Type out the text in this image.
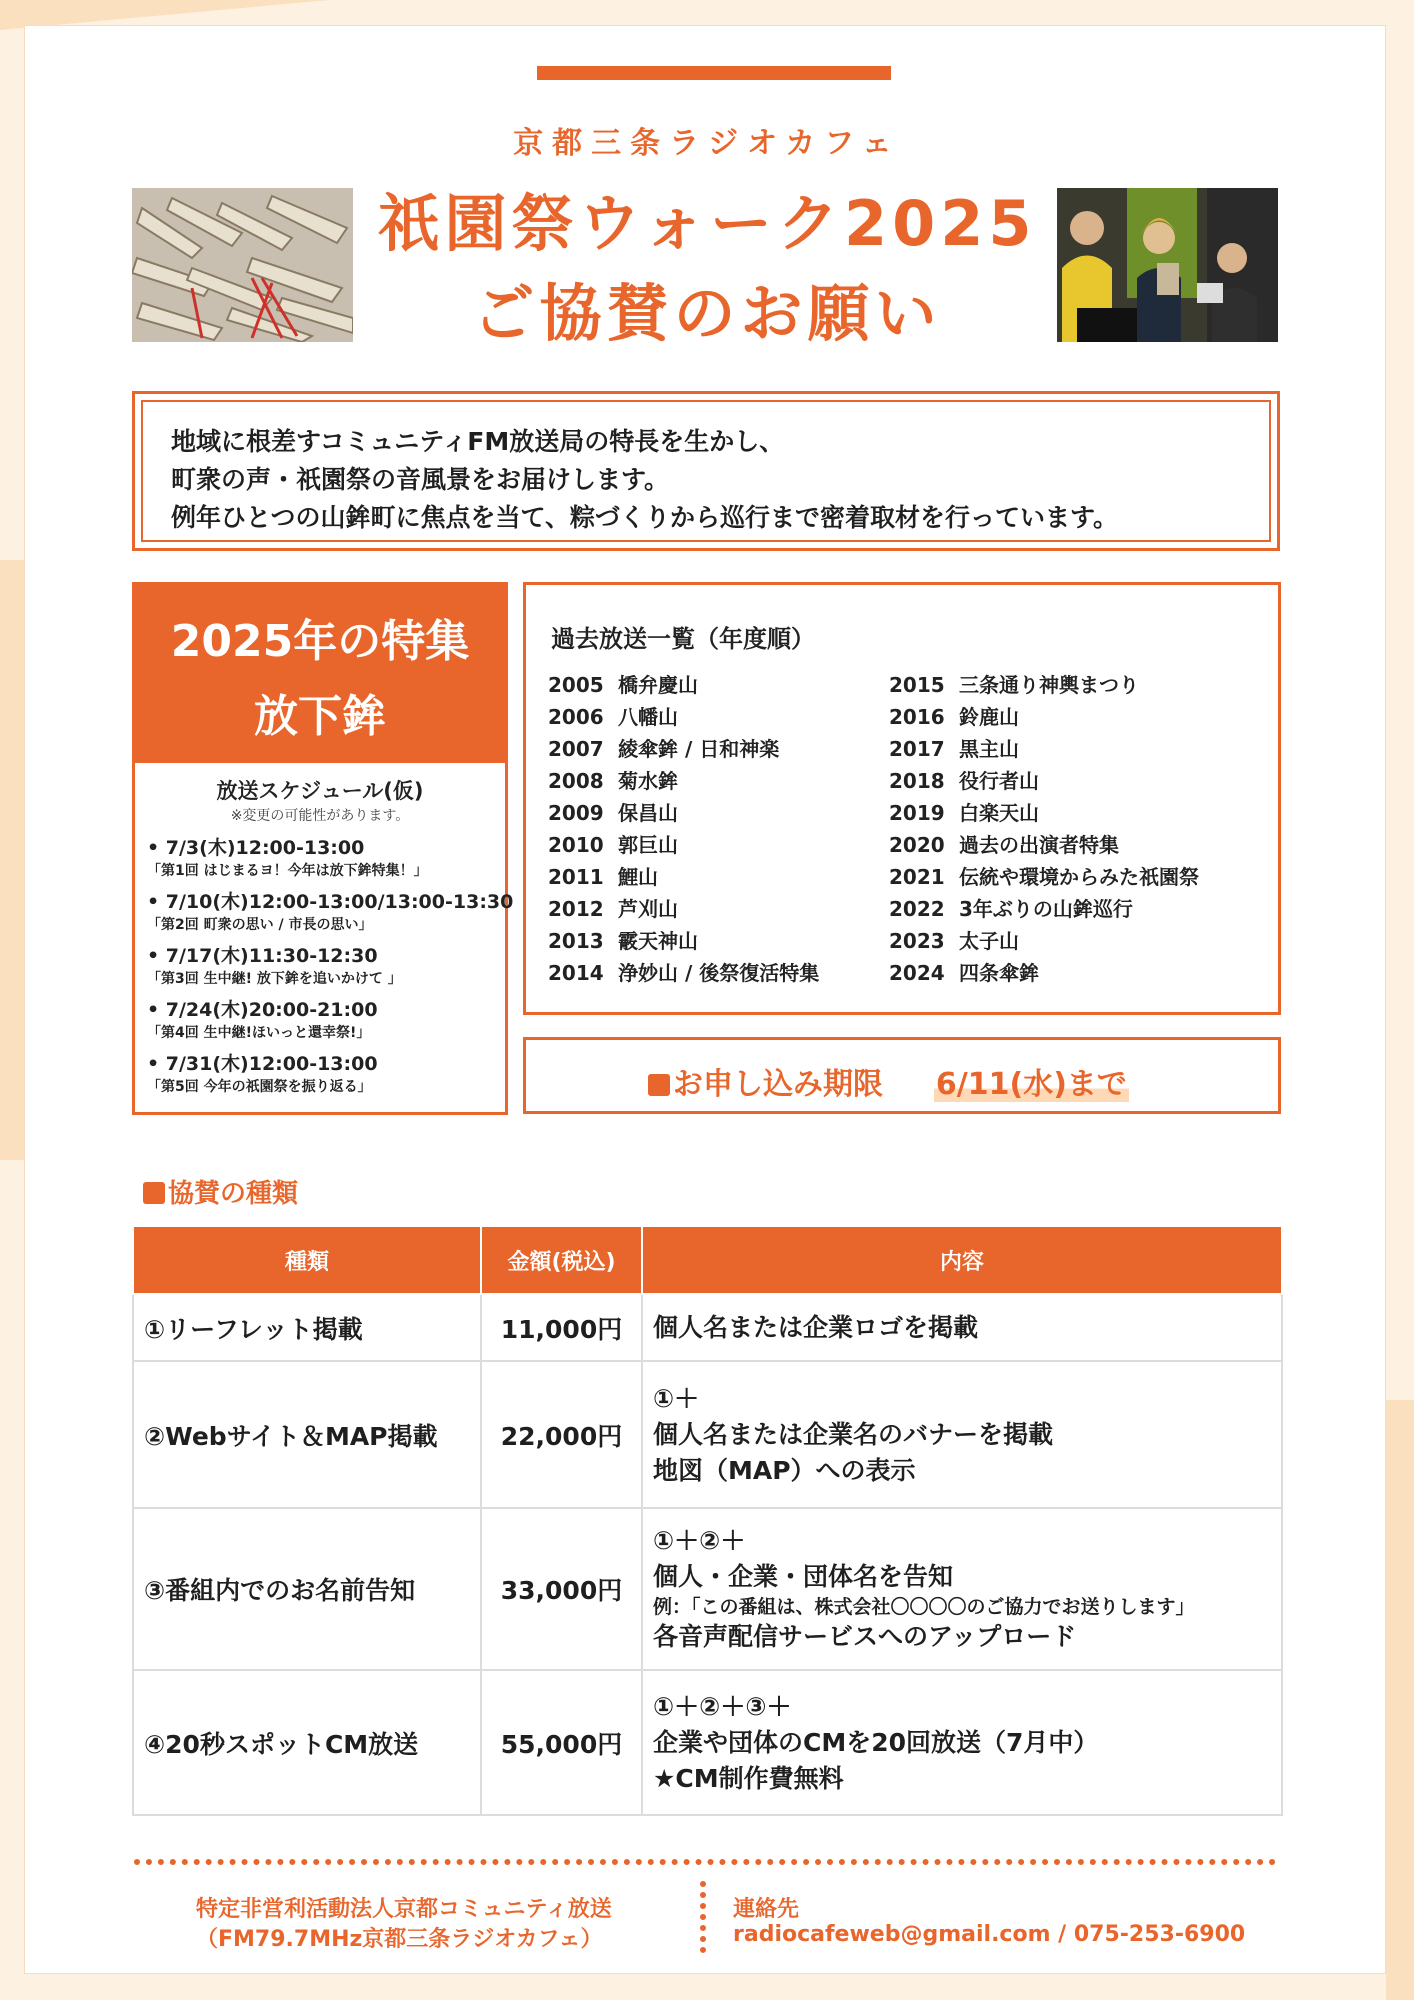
京都三条ラジオカフェ
祇園祭ウォーク2025
ご協賛のお願い
地域に根差すコミュニティFM放送局の特長を生かし、
町衆の声・祇園祭の音風景をお届けします。
例年ひとつの山鉾町に焦点を当て、粽づくりから巡行まで密着取材を行っています。
2025年の特集
放下鉾
放送スケジュール(仮)
※変更の可能性があります。
• 7/3(木)12:00-13:00
「第1回 はじまるヨ！今年は放下鉾特集！」
• 7/10(木)12:00-13:00/13:00-13:30
「第2回 町衆の思い / 市長の思い」
• 7/17(木)11:30-12:30
「第3回 生中継! 放下鉾を追いかけて 」
• 7/24(木)20:00-21:00
「第4回 生中継!ほいっと還幸祭!」
• 7/31(木)12:00-13:00
「第5回 今年の祇園祭を振り返る」
過去放送一覧（年度順）
2005 橋弁慶山
2006 八幡山
2007 綾傘鉾 / 日和神楽
2008 菊水鉾
2009 保昌山
2010 郭巨山
2011 鯉山
2012 芦刈山
2013 霰天神山
2014 浄妙山 / 後祭復活特集
2015 三条通り神輿まつり
2016 鈴鹿山
2017 黒主山
2018 役行者山
2019 白楽天山
2020 過去の出演者特集
2021 伝統や環境からみた祇園祭
2022 3年ぶりの山鉾巡行
2023 太子山
2024 四条傘鉾
お申し込み期限 6/11(水)まで
協賛の種類
種類	金額(税込)	内容
①リーフレット掲載	11,000円	個人名または企業ロゴを掲載

②Webサイト＆MAP掲載	22,000円	①＋
個人名または企業名のバナーを掲載
地図（MAP）への表示

③番組内でのお名前告知	33,000円	①＋②＋
個人・企業・団体名を告知
例：「この番組は、株式会社〇〇〇〇のご協力でお送りします」
各音声配信サービスへのアップロード

④20秒スポットCM放送	55,000円	①＋②＋③＋
企業や団体のCMを20回放送（7月中）
★CM制作費無料
特定非営利活動法人京都コミュニティ放送
（FM79.7MHz京都三条ラジオカフェ）
連絡先
radiocafeweb@gmail.com / 075-253-6900
